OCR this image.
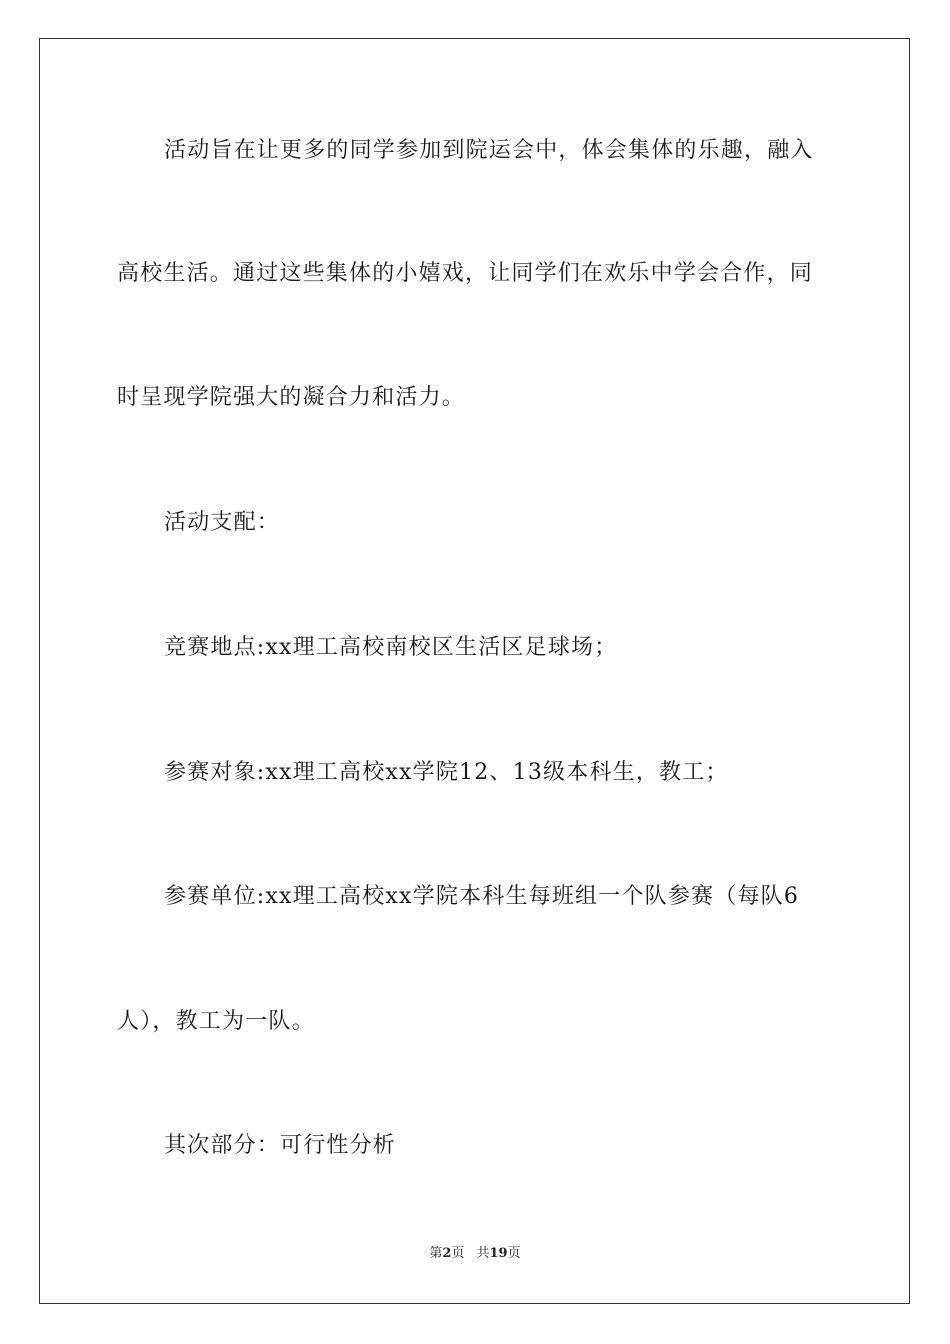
活动旨在让更多的同学参加到院运会中，体会集体的乐趣，融入
高校生活。通过这些集体的小嬉戏，让同学们在欢乐中学会合作，同
时呈现学院强大的凝合力和活力。
活动支配：
竞赛地点:xx理工高校南校区生活区足球场；
参赛对象:xx理工高校xx学院12、13级本科生，教工；
参赛单位:xx理工高校xx学院本科生每班组一个队参赛（每队6
人），教工为一队。
其次部分：可行性分析
第2页 共19页
